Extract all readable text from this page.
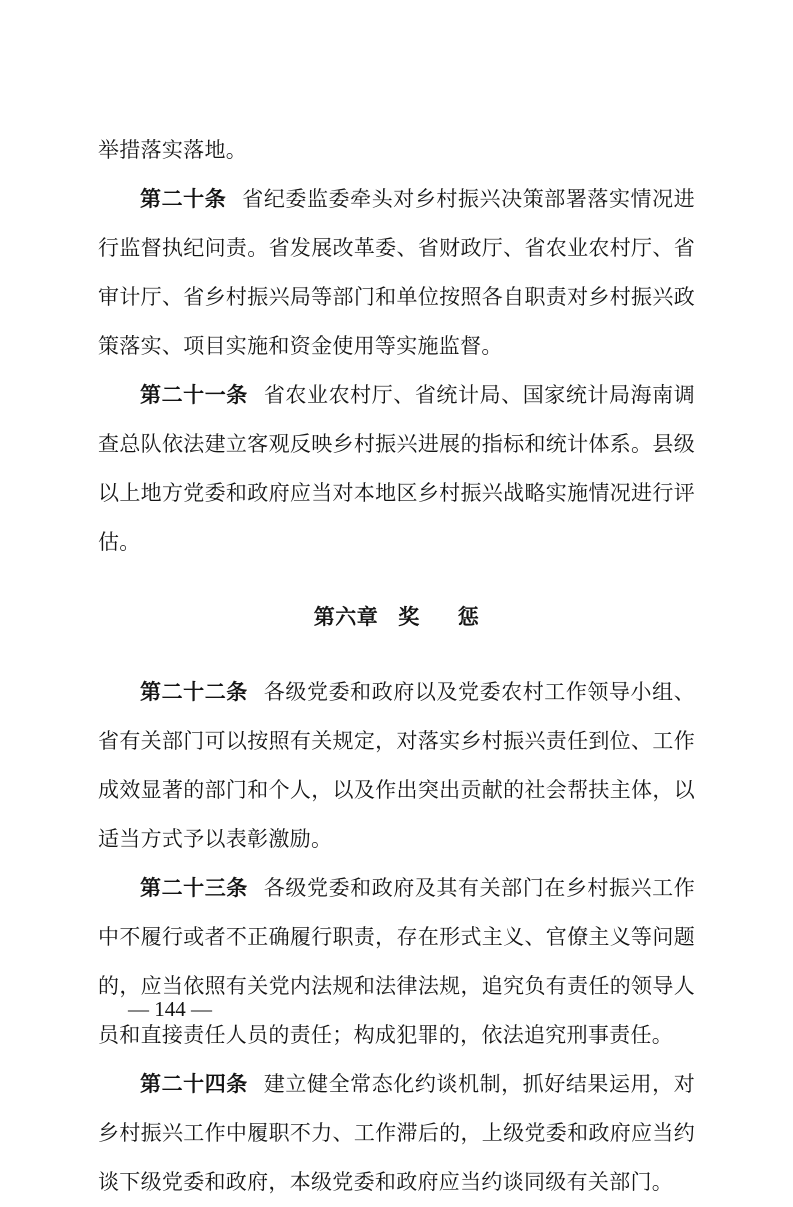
举措落实落地。

第二十条 省纪委监委牵头对乡村振兴决策部署落实情况进行监督执纪问责。省发展改革委、省财政厅、省农业农村厅、省审计厅、省乡村振兴局等部门和单位按照各自职责对乡村振兴政策落实、项目实施和资金使用等实施监督。

第二十一条 省农业农村厅、省统计局、国家统计局海南调查总队依法建立客观反映乡村振兴进展的指标和统计体系。县级以上地方党委和政府应当对本地区乡村振兴战略实施情况进行评估。

第六章 奖 惩

第二十二条 各级党委和政府以及党委农村工作领导小组、省有关部门可以按照有关规定，对落实乡村振兴责任到位、工作成效显著的部门和个人，以及作出突出贡献的社会帮扶主体，以适当方式予以表彰激励。

第二十三条 各级党委和政府及其有关部门在乡村振兴工作中不履行或者不正确履行职责，存在形式主义、官僚主义等问题的，应当依照有关党内法规和法律法规，追究负有责任的领导人员和直接责任人员的责任；构成犯罪的，依法追究刑事责任。

第二十四条 建立健全常态化约谈机制，抓好结果运用，对乡村振兴工作中履职不力、工作滞后的，上级党委和政府应当约谈下级党委和政府，本级党委和政府应当约谈同级有关部门。

— 144 —
